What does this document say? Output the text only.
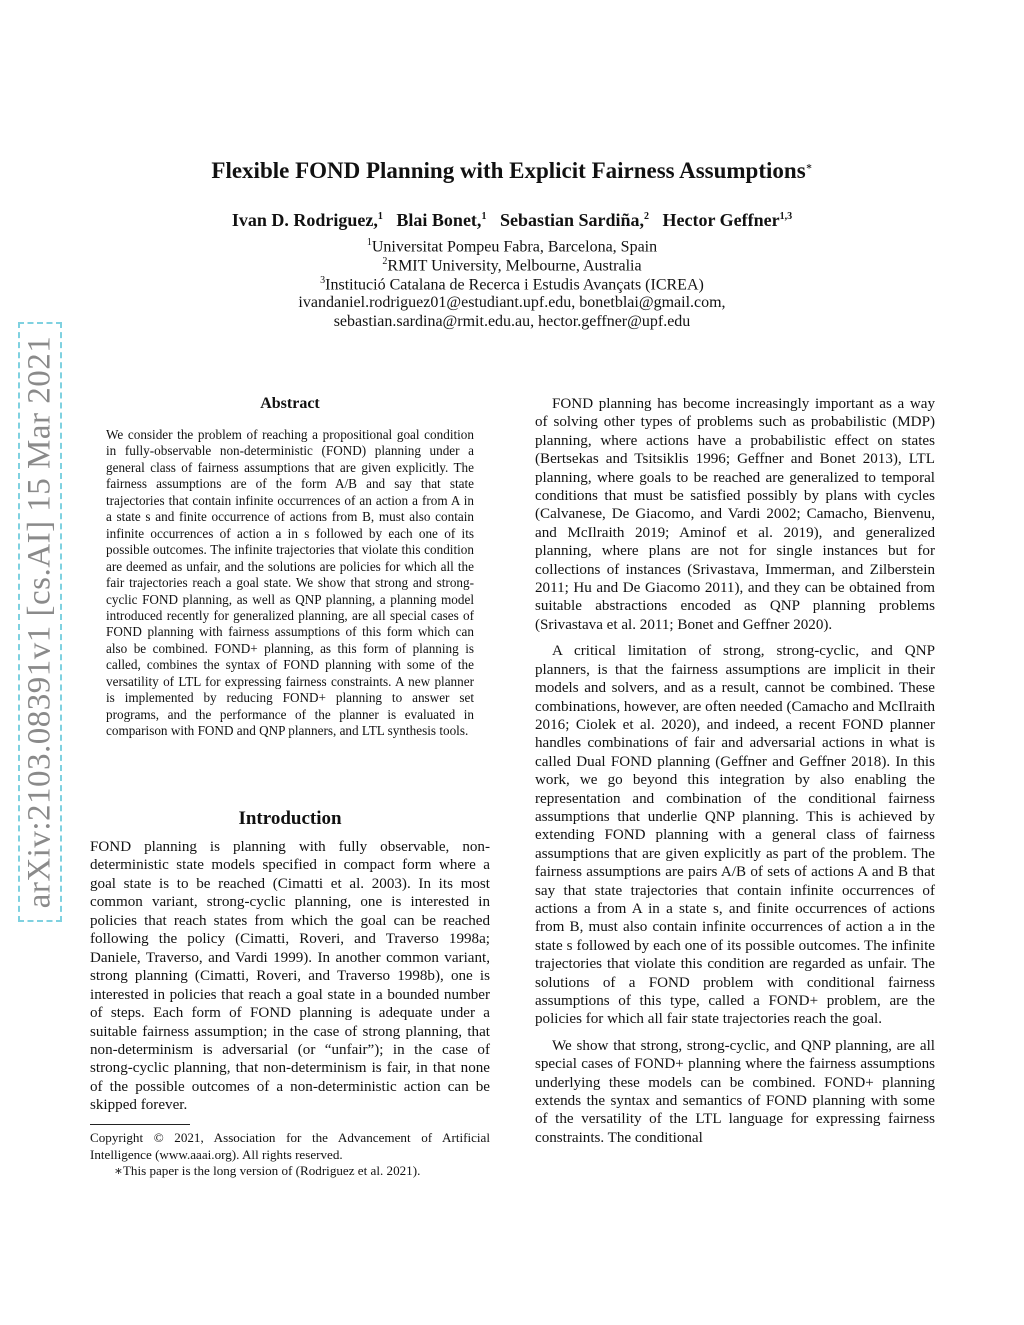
arXiv:2103.08391v1 [cs.AI] 15 Mar 2021
Flexible FOND Planning with Explicit Fairness Assumptions∗
Ivan D. Rodriguez,$^1$ Blai Bonet,$^1$ Sebastian Sardiña,$^2$ Hector Geffner$^{1,3}$
$^1$Universitat Pompeu Fabra, Barcelona, Spain
$^2$RMIT University, Melbourne, Australia
$^3$Institució Catalana de Recerca i Estudis Avançats (ICREA)
ivandaniel.rodriguez01@estudiant.upf.edu, bonetblai@gmail.com,
sebastian.sardina@rmit.edu.au, hector.geffner@upf.edu
Abstract
We consider the problem of reaching a propositional goal condition in fully-observable non-deterministic (FOND) planning under a general class of fairness assumptions that are given explicitly. The fairness assumptions are of the form A/B and say that state trajectories that contain infinite occurrences of an action a from A in a state s and finite occurrence of actions from B, must also contain infinite occurrences of action a in s followed by each one of its possible outcomes. The infinite trajectories that violate this condition are deemed as unfair, and the solutions are policies for which all the fair trajectories reach a goal state. We show that strong and strong-cyclic FOND planning, as well as QNP planning, a planning model introduced recently for generalized planning, are all special cases of FOND planning with fairness assumptions of this form which can also be combined. FOND+ planning, as this form of planning is called, combines the syntax of FOND planning with some of the versatility of LTL for expressing fairness constraints. A new planner is implemented by reducing FOND+ planning to answer set programs, and the performance of the planner is evaluated in comparison with FOND and QNP planners, and LTL synthesis tools.
Introduction

FOND planning is planning with fully observable, non-deterministic state models specified in compact form where a goal state is to be reached (Cimatti et al. 2003). In its most common variant, strong-cyclic planning, one is interested in policies that reach states from which the goal can be reached following the policy (Cimatti, Roveri, and Traverso 1998a; Daniele, Traverso, and Vardi 1999). In another common variant, strong planning (Cimatti, Roveri, and Traverso 1998b), one is interested in policies that reach a goal state in a bounded number of steps. Each form of FOND planning is adequate under a suitable fairness assumption; in the case of strong planning, that non-determinism is adversarial (or “unfair”); in the case of strong-cyclic planning, that non-determinism is fair, in that none of the possible outcomes of a non-deterministic action can be skipped forever.

Copyright © 2021, Association for the Advancement of Artificial Intelligence (www.aaai.org). All rights reserved.

∗This paper is the long version of (Rodriguez et al. 2021).

FOND planning has become increasingly important as a way of solving other types of problems such as probabilistic (MDP) planning, where actions have a probabilistic effect on states (Bertsekas and Tsitsiklis 1996; Geffner and Bonet 2013), LTL planning, where goals to be reached are generalized to temporal conditions that must be satisfied possibly by plans with cycles (Calvanese, De Giacomo, and Vardi 2002; Camacho, Bienvenu, and McIlraith 2019; Aminof et al. 2019), and generalized planning, where plans are not for single instances but for collections of instances (Srivastava, Immerman, and Zilberstein 2011; Hu and De Giacomo 2011), and they can be obtained from suitable abstractions encoded as QNP planning problems (Srivastava et al. 2011; Bonet and Geffner 2020).

A critical limitation of strong, strong-cyclic, and QNP planners, is that the fairness assumptions are implicit in their models and solvers, and as a result, cannot be combined. These combinations, however, are often needed (Camacho and McIlraith 2016; Ciolek et al. 2020), and indeed, a recent FOND planner handles combinations of fair and adversarial actions in what is called Dual FOND planning (Geffner and Geffner 2018). In this work, we go beyond this integration by also enabling the representation and combination of the conditional fairness assumptions that underlie QNP planning. This is achieved by extending FOND planning with a general class of fairness assumptions that are given explicitly as part of the problem. The fairness assumptions are pairs A/B of sets of actions A and B that say that state trajectories that contain infinite occurrences of actions a from A in a state s, and finite occurrences of actions from B, must also contain infinite occurrences of action a in the state s followed by each one of its possible outcomes. The infinite trajectories that violate this condition are regarded as unfair. The solutions of a FOND problem with conditional fairness assumptions of this type, called a FOND+ problem, are the policies for which all fair state trajectories reach the goal.

We show that strong, strong-cyclic, and QNP planning, are all special cases of FOND+ planning where the fairness assumptions underlying these models can be combined. FOND+ planning extends the syntax and semantics of FOND planning with some of the versatility of the LTL language for expressing fairness constraints. The conditional
